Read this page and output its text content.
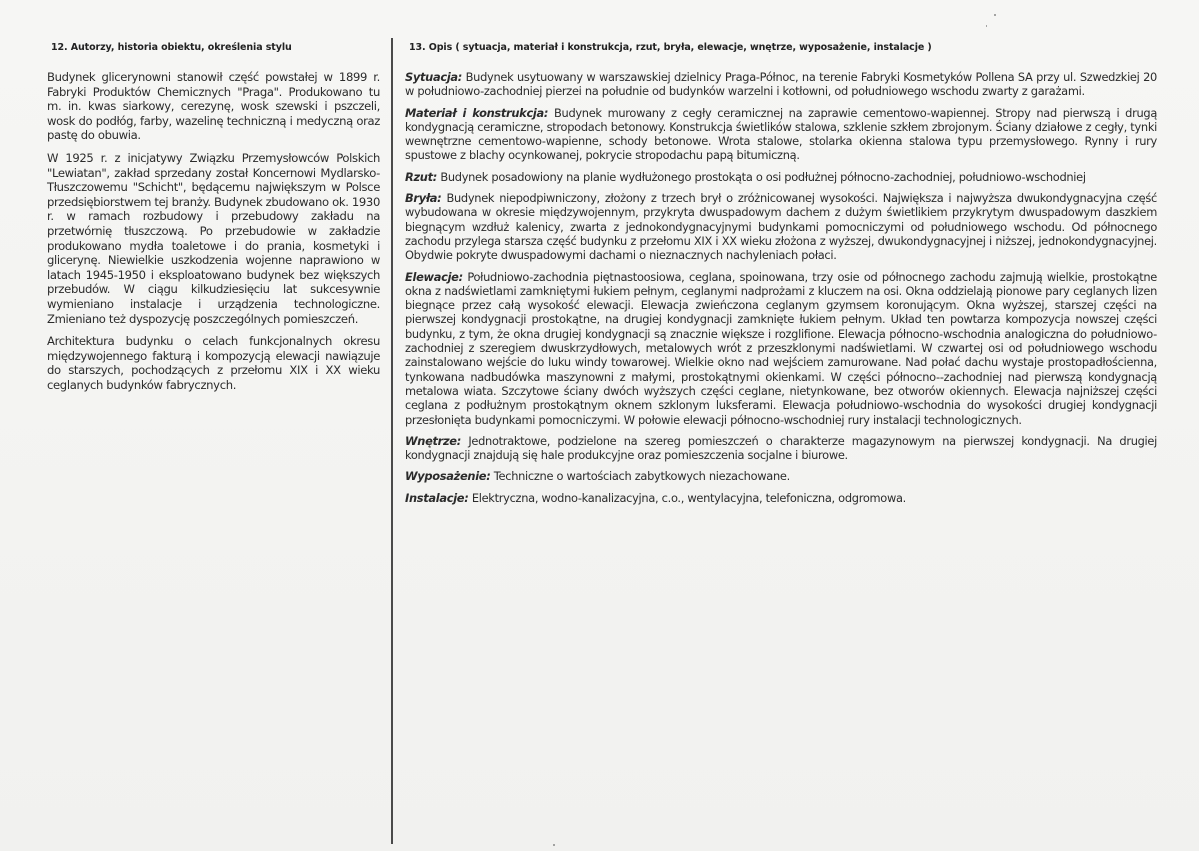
12. Autorzy, historia obiektu, określenia stylu

Budynek glicerynowni stanowił część powstałej w 1899 r. Fabryki Produktów Chemicznych "Praga". Produkowano tu m. in. kwas siarkowy, cerezynę, wosk szewski i pszczeli, wosk do podłóg, farby, wazelinę techniczną i medyczną oraz pastę do obuwia.

W 1925 r. z inicjatywy Związku Przemysłowców Polskich "Lewiatan", zakład sprzedany został Koncernowi Mydlarsko-Tłuszczowemu "Schicht", będącemu największym w Polsce przedsiębiorstwem tej branży. Budynek zbudowano ok. 1930 r. w ramach rozbudowy i przebudowy zakładu na przetwórnię tłuszczową. Po przebudowie w zakładzie produkowano mydła toaletowe i do prania, kosmetyki i glicerynę. Niewielkie uszkodzenia wojenne naprawiono w latach 1945-1950 i eksploatowano budynek bez większych przebudów. W ciągu kilkudziesięciu lat sukcesywnie wymieniano instalacje i urządzenia technologiczne. Zmieniano też dyspozycję poszczególnych pomieszczeń.

Architektura budynku o celach funkcjonalnych okresu międzywojennego fakturą i kompozycją elewacji nawiązuje do starszych, pochodzących z przełomu XIX i XX wieku ceglanych budynków fabrycznych.

13. Opis ( sytuacja, materiał i konstrukcja, rzut, bryła, elewacje, wnętrze, wyposażenie, instalacje )

Sytuacja: Budynek usytuowany w warszawskiej dzielnicy Praga-Północ, na terenie Fabryki Kosmetyków Pollena SA przy ul. Szwedzkiej 20 w południowo-zachodniej pierzei na południe od budynków warzelni i kotłowni, od południowego wschodu zwarty z garażami.

Materiał i konstrukcja: Budynek murowany z cegły ceramicznej na zaprawie cementowo-wapiennej. Stropy nad pierwszą i drugą kondygnacją ceramiczne, stropodach betonowy. Konstrukcja świetlików stalowa, szklenie szkłem zbrojonym. Ściany działowe z cegły, tynki wewnętrzne cementowo-wapienne, schody betonowe. Wrota stalowe, stolarka okienna stalowa typu przemysłowego. Rynny i rury spustowe z blachy ocynkowanej, pokrycie stropodachu papą bitumiczną.

Rzut: Budynek posadowiony na planie wydłużonego prostokąta o osi podłużnej północno-zachodniej, południowo-wschodniej

Bryła: Budynek niepodpiwniczony, złożony z trzech brył o zróżnicowanej wysokości. Największa i najwyższa dwukondygnacyjna część wybudowana w okresie międzywojennym, przykryta dwuspadowym dachem z dużym świetlikiem przykrytym dwuspadowym daszkiem biegnącym wzdłuż kalenicy, zwarta z jednokondygnacyjnymi budynkami pomocniczymi od południowego wschodu. Od północnego zachodu przylega starsza część budynku z przełomu XIX i XX wieku złożona z wyższej, dwukondygnacyjnej i niższej, jednokondygnacyjnej. Obydwie pokryte dwuspadowymi dachami o nieznacznych nachyleniach połaci.

Elewacje: Południowo-zachodnia piętnastoosiowa, ceglana, spoinowana, trzy osie od północnego zachodu zajmują wielkie, prostokątne okna z nadświetlami zamkniętymi łukiem pełnym, ceglanymi nadprożami z kluczem na osi. Okna oddzielają pionowe pary ceglanych lizen biegnące przez całą wysokość elewacji. Elewacja zwieńczona ceglanym gzymsem koronującym. Okna wyższej, starszej części na pierwszej kondygnacji prostokątne, na drugiej kondygnacji zamknięte łukiem pełnym. Układ ten powtarza kompozycja nowszej części budynku, z tym, że okna drugiej kondygnacji są znacznie większe i rozglifione. Elewacja północno-wschodnia analogiczna do południowo-zachodniej z szeregiem dwuskrzydłowych, metalowych wrót z przeszklonymi nadświetlami. W czwartej osi od południowego wschodu zainstalowano wejście do luku windy towarowej. Wielkie okno nad wejściem zamurowane. Nad połać dachu wystaje prostopadłościenna, tynkowana nadbudówka maszynowni z małymi, prostokątnymi okienkami. W części północno--zachodniej nad pierwszą kondygnacją metalowa wiata. Szczytowe ściany dwóch wyższych części ceglane, nietynkowane, bez otworów okiennych. Elewacja najniższej części ceglana z podłużnym prostokątnym oknem szklonym luksferami. Elewacja południowo-wschodnia do wysokości drugiej kondygnacji przesłonięta budynkami pomocniczymi. W połowie elewacji północno-wschodniej rury instalacji technologicznych.

Wnętrze: Jednotraktowe, podzielone na szereg pomieszczeń o charakterze magazynowym na pierwszej kondygnacji. Na drugiej kondygnacji znajdują się hale produkcyjne oraz pomieszczenia socjalne i biurowe.

Wyposażenie: Techniczne o wartościach zabytkowych niezachowane.

Instalacje: Elektryczna, wodno-kanalizacyjna, c.o., wentylacyjna, telefoniczna, odgromowa.
